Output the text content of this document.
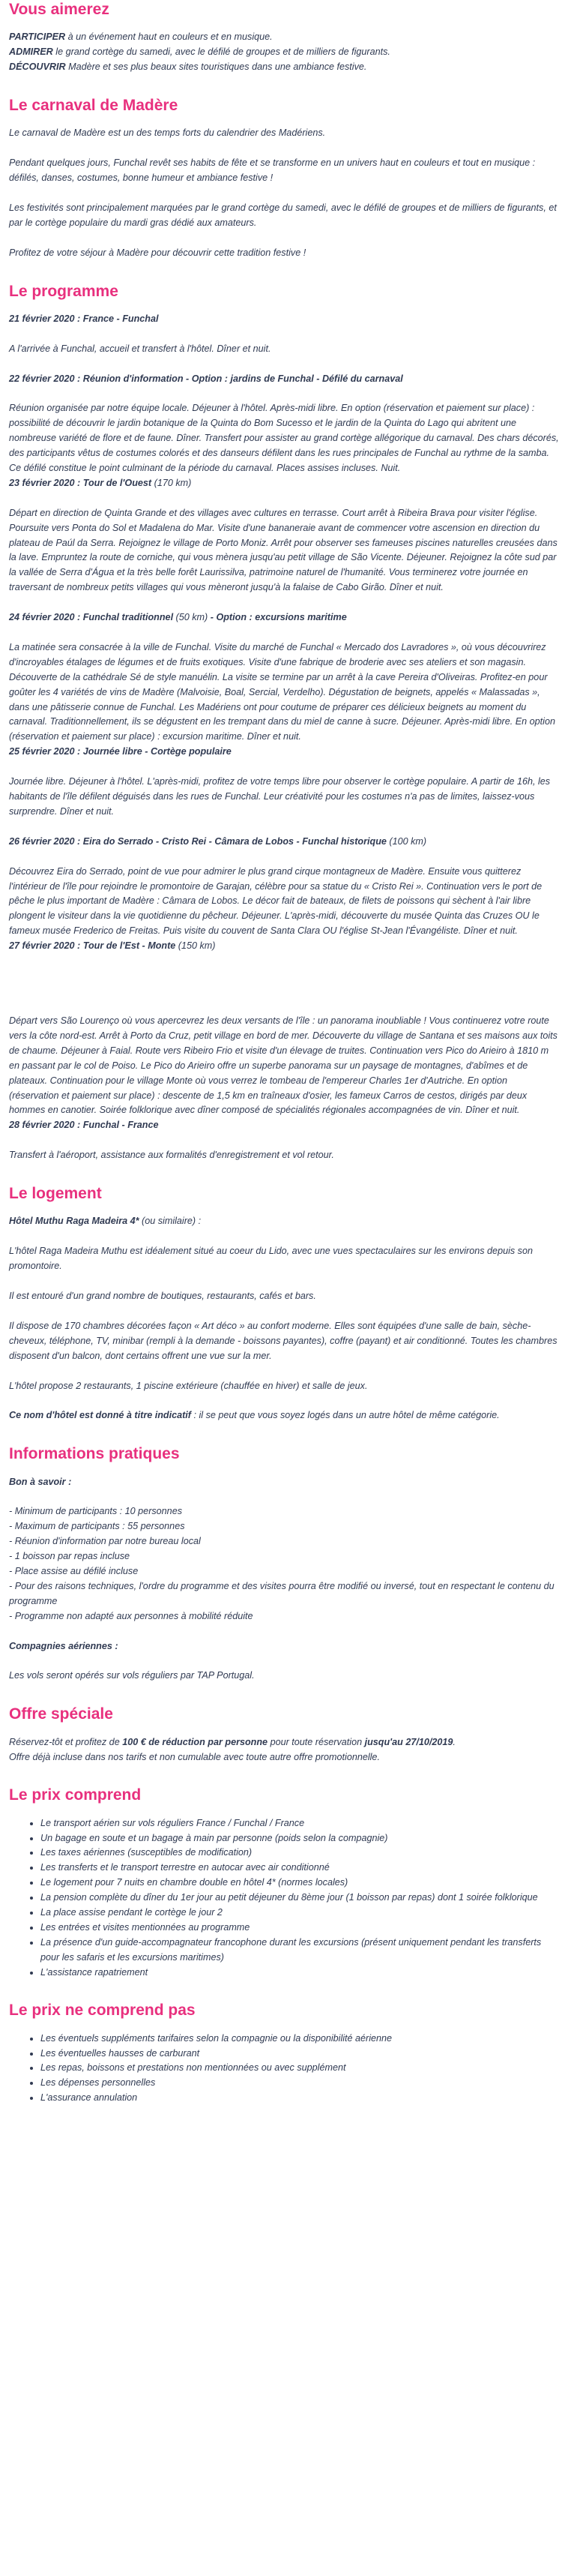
Vous aimerez

PARTICIPER à un événement haut en couleurs et en musique.

ADMIRER le grand cortège du samedi, avec le défilé de groupes et de milliers de figurants.

DÉCOUVRIR Madère et ses plus beaux sites touristiques dans une ambiance festive.

Le carnaval de Madère

Le carnaval de Madère est un des temps forts du calendrier des Madériens.

Pendant quelques jours, Funchal revêt ses habits de fête et se transforme en un univers haut en couleurs et tout en musique : défilés, danses, costumes, bonne humeur et ambiance festive !

Les festivités sont principalement marquées par le grand cortège du samedi, avec le défilé de groupes et de milliers de figurants, et par le cortège populaire du mardi gras dédié aux amateurs.

Profitez de votre séjour à Madère pour découvrir cette tradition festive !

Le programme

21 février 2020 : France - Funchal

A l'arrivée à Funchal, accueil et transfert à l'hôtel. Dîner et nuit.

22 février 2020 : Réunion d'information - Option : jardins de Funchal - Défilé du carnaval

Réunion organisée par notre équipe locale. Déjeuner à l'hôtel. Après-midi libre. En option (réservation et paiement sur place) : possibilité de découvrir le jardin botanique de la Quinta do Bom Sucesso et le jardin de la Quinta do Lago qui abritent une nombreuse variété de flore et de faune. Dîner. Transfert pour assister au grand cortège allégorique du carnaval. Des chars décorés, des participants vêtus de costumes colorés et des danseurs défilent dans les rues principales de Funchal au rythme de la samba. Ce défilé constitue le point culminant de la période du carnaval. Places assises incluses. Nuit.

23 février 2020 : Tour de l'Ouest (170 km)

Départ en direction de Quinta Grande et des villages avec cultures en terrasse. Court arrêt à Ribeira Brava pour visiter l'église. Poursuite vers Ponta do Sol et Madalena do Mar. Visite d'une bananeraie avant de commencer votre ascension en direction du plateau de Paúl da Serra. Rejoignez le village de Porto Moniz. Arrêt pour observer ses fameuses piscines naturelles creusées dans la lave. Empruntez la route de corniche, qui vous mènera jusqu'au petit village de São Vicente. Déjeuner. Rejoignez la côte sud par la vallée de Serra d'Água et la très belle forêt Laurissilva, patrimoine naturel de l'humanité. Vous terminerez votre journée en traversant de nombreux petits villages qui vous mèneront jusqu'à la falaise de Cabo Girão. Dîner et nuit.

24 février 2020 : Funchal traditionnel (50 km) - Option : excursions maritime

La matinée sera consacrée à la ville de Funchal. Visite du marché de Funchal « Mercado dos Lavradores », où vous découvrirez d'incroyables étalages de légumes et de fruits exotiques. Visite d'une fabrique de broderie avec ses ateliers et son magasin. Découverte de la cathédrale Sé de style manuélin. La visite se termine par un arrêt à la cave Pereira d'Oliveiras. Profitez-en pour goûter les 4 variétés de vins de Madère (Malvoisie, Boal, Sercial, Verdelho). Dégustation de beignets, appelés « Malassadas », dans une pâtisserie connue de Funchal. Les Madériens ont pour coutume de préparer ces délicieux beignets au moment du carnaval. Traditionnellement, ils se dégustent en les trempant dans du miel de canne à sucre. Déjeuner. Après-midi libre. En option (réservation et paiement sur place) : excursion maritime. Dîner et nuit.

25 février 2020 : Journée libre - Cortège populaire

Journée libre. Déjeuner à l'hôtel. L'après-midi, profitez de votre temps libre pour observer le cortège populaire. A partir de 16h, les habitants de l'île défilent déguisés dans les rues de Funchal. Leur créativité pour les costumes n'a pas de limites, laissez-vous surprendre. Dîner et nuit.

26 février 2020 : Eira do Serrado - Cristo Rei - Câmara de Lobos - Funchal historique (100 km)

Découvrez Eira do Serrado, point de vue pour admirer le plus grand cirque montagneux de Madère. Ensuite vous quitterez l'intérieur de l'île pour rejoindre le promontoire de Garajan, célèbre pour sa statue du « Cristo Rei ». Continuation vers le port de pêche le plus important de Madère : Câmara de Lobos. Le décor fait de bateaux, de filets de poissons qui sèchent à l'air libre plongent le visiteur dans la vie quotidienne du pêcheur. Déjeuner. L'après-midi, découverte du musée Quinta das Cruzes OU le fameux musée Frederico de Freitas. Puis visite du couvent de Santa Clara OU l'église St-Jean l'Évangéliste. Dîner et nuit.

27 février 2020 : Tour de l'Est - Monte (150 km)

Départ vers São Lourenço où vous apercevrez les deux versants de l'île : un panorama inoubliable ! Vous continuerez votre route vers la côte nord-est. Arrêt à Porto da Cruz, petit village en bord de mer. Découverte du village de Santana et ses maisons aux toits de chaume. Déjeuner à Faial. Route vers Ribeiro Frio et visite d'un élevage de truites. Continuation vers Pico do Arieiro à 1810 m en passant par le col de Poiso. Le Pico do Arieiro offre un superbe panorama sur un paysage de montagnes, d'abîmes et de plateaux. Continuation pour le village Monte où vous verrez le tombeau de l'empereur Charles 1er d'Autriche. En option (réservation et paiement sur place) : descente de 1,5 km en traîneaux d'osier, les fameux Carros de cestos, dirigés par deux hommes en canotier. Soirée folklorique avec dîner composé de spécialités régionales accompagnées de vin. Dîner et nuit.

28 février 2020 : Funchal - France

Transfert à l'aéroport, assistance aux formalités d'enregistrement et vol retour.

Le logement

Hôtel Muthu Raga Madeira 4* (ou similaire) :

L'hôtel Raga Madeira Muthu est idéalement situé au coeur du Lido, avec une vues spectaculaires sur les environs depuis son promontoire.

Il est entouré d'un grand nombre de boutiques, restaurants, cafés et bars.

Il dispose de 170 chambres décorées façon « Art déco » au confort moderne. Elles sont équipées d'une salle de bain, sèche-cheveux, téléphone, TV, minibar (rempli à la demande - boissons payantes), coffre (payant) et air conditionné. Toutes les chambres disposent d'un balcon, dont certains offrent une vue sur la mer.

L'hôtel propose 2 restaurants, 1 piscine extérieure (chauffée en hiver) et salle de jeux.

Ce nom d'hôtel est donné à titre indicatif : il se peut que vous soyez logés dans un autre hôtel de même catégorie.

Informations pratiques

Bon à savoir :

- Minimum de participants : 10 personnes

- Maximum de participants : 55 personnes

- Réunion d'information par notre bureau local

- 1 boisson par repas incluse

- Place assise au défilé incluse

- Pour des raisons techniques, l'ordre du programme et des visites pourra être modifié ou inversé, tout en respectant le contenu du programme

- Programme non adapté aux personnes à mobilité réduite

Compagnies aériennes :

Les vols seront opérés sur vols réguliers par TAP Portugal.

Offre spéciale

Réservez-tôt et profitez de 100 € de réduction par personne pour toute réservation jusqu'au 27/10/2019.

Offre déjà incluse dans nos tarifs et non cumulable avec toute autre offre promotionnelle.

Le prix comprend
• Le transport aérien sur vols réguliers France / Funchal / France
• Un bagage en soute et un bagage à main par personne (poids selon la compagnie)
• Les taxes aériennes (susceptibles de modification)
• Les transferts et le transport terrestre en autocar avec air conditionné
• Le logement pour 7 nuits en chambre double en hôtel 4* (normes locales)
• La pension complète du dîner du 1er jour au petit déjeuner du 8ème jour (1 boisson par repas) dont 1 soirée folklorique
• La place assise pendant le cortège le jour 2
• Les entrées et visites mentionnées au programme
• La présence d'un guide-accompagnateur francophone durant les excursions (présent uniquement pendant les transferts pour les safaris et les excursions maritimes)
• L'assistance rapatriement
Le prix ne comprend pas
• Les éventuels suppléments tarifaires selon la compagnie ou la disponibilité aérienne
• Les éventuelles hausses de carburant
• Les repas, boissons et prestations non mentionnées ou avec supplément
• Les dépenses personnelles
• L'assurance annulation
